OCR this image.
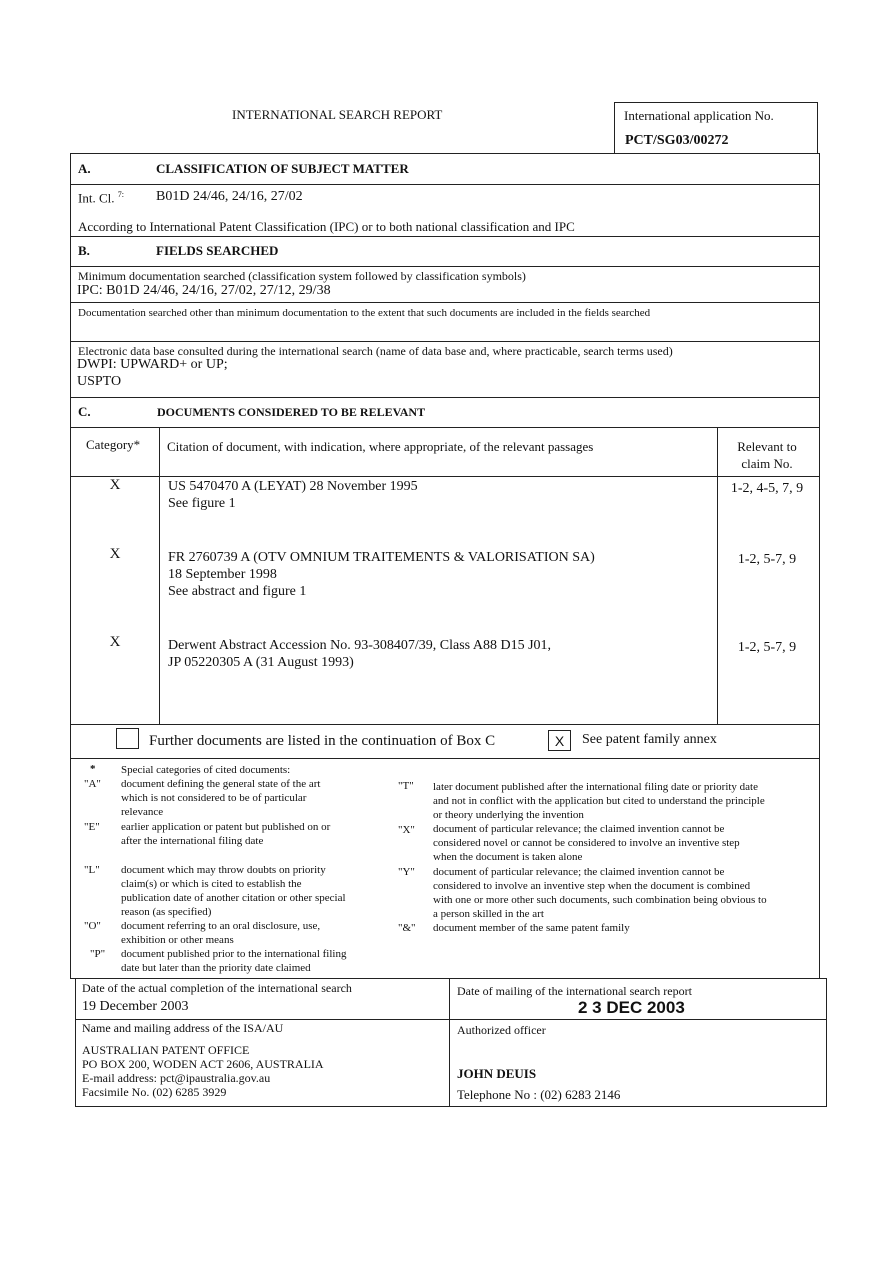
INTERNATIONAL SEARCH REPORT	International application No.
PCT/SG03/00272
A.	CLASSIFICATION OF SUBJECT MATTER
Int. Cl. $^{7:}$ B01D 24/46, 24/16, 27/02
According to International Patent Classification (IPC) or to both national classification and IPC
B.	FIELDS SEARCHED
Minimum documentation searched (classification system followed by classification symbols)
IPC: B01D 24/46, 24/16, 27/02, 27/12, 29/38
Documentation searched other than minimum documentation to the extent that such documents are included in the fields searched
Electronic data base consulted during the international search (name of data base and, where practicable, search terms used)
DWPI: UPWARD+ or UP;
USPTO
C.	DOCUMENTS CONSIDERED TO BE RELEVANT
Category* Citation of document, with indication, where appropriate, of the relevant passages	Relevant to
claim No.
X	US 5470470 A (LEYAT) 28 November 1995
See figure 1
1-2, 4-5, 7, 9
X	FR 2760739 A (OTV OMNIUM TRAITEMENTS & VALORISATION SA)
18 September 1998
See abstract and figure 1
1-2, 5-7, 9
X	Derwent Abstract Accession No. 93-308407/39, Class A88 D15 J01,
JP 05220305 A (31 August 1993)
1-2, 5-7, 9
Further documents are listed in the continuation of Box C	X	See patent family annex
* Special categories of cited documents:
"A" document defining the general state of the art
which is not considered to be of particular
relevance
"E" earlier application or patent but published on or
after the international filing date
"L" document which may throw doubts on priority
claim(s) or which is cited to establish the
publication date of another citation or other special
reason (as specified)
"O" document referring to an oral disclosure, use,
exhibition or other means
"P" document published prior to the international filing
date but later than the priority date claimed
"T" later document published after the international filing date or priority date
and not in conflict with the application but cited to understand the principle
or theory underlying the invention
"X" document of particular relevance; the claimed invention cannot be
considered novel or cannot be considered to involve an inventive step
when the document is taken alone
"Y" document of particular relevance; the claimed invention cannot be
considered to involve an inventive step when the document is combined
with one or more other such documents, such combination being obvious to
a person skilled in the art
"&" document member of the same patent family
Date of the actual completion of the international search
19 December 2003
Date of mailing of the international search report
2 3 DEC 2003
Name and mailing address of the ISA/AU
AUSTRALIAN PATENT OFFICE
PO BOX 200, WODEN ACT 2606, AUSTRALIA
E-mail address: pct@ipaustralia.gov.au
Facsimile No. (02) 6285 3929
Authorized officer
JOHN DEUIS
Telephone No : (02) 6283 2146
